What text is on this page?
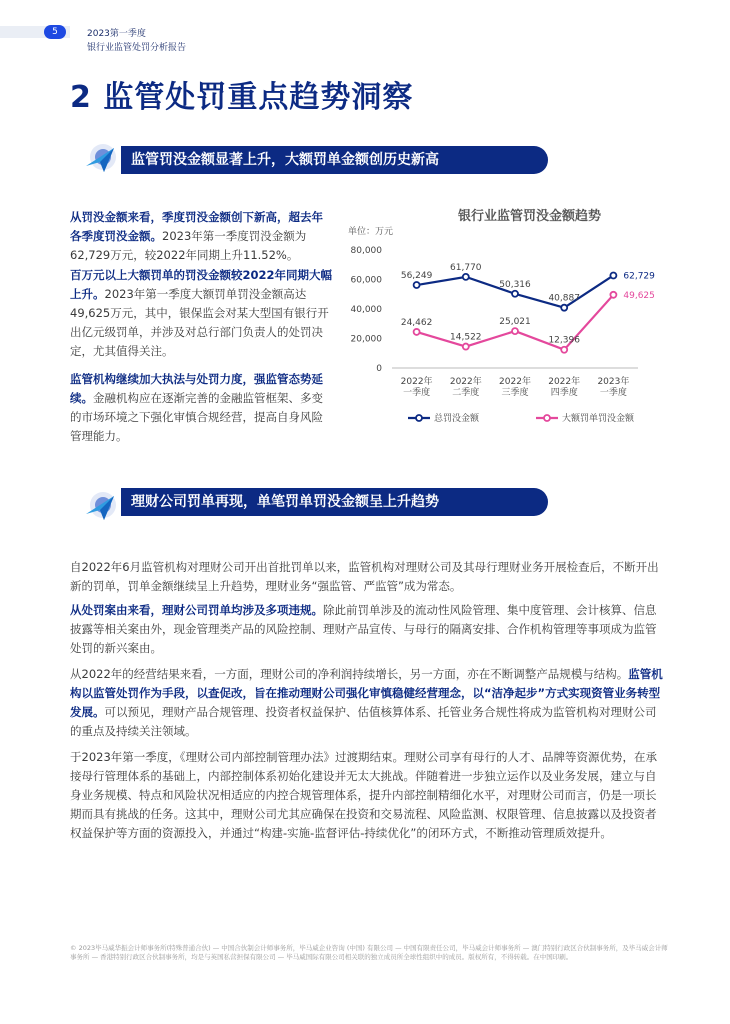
5	2023第一季度
银行业监管处罚分析报告
2 监管处罚重点趋势洞察
监管罚没金额显著上升，大额罚单金额创历史新高
从罚没金额来看，季度罚没金额创下新高，超去年各季度罚没金额。2023年第一季度罚没金额为62,729万元，较2022年同期上升11.52%。
百万元以上大额罚单的罚没金额较2022年同期大幅上升。2023年第一季度大额罚单罚没金额高达49,625万元，其中，银保监会对某大型国有银行开出亿元级罚单，并涉及对总行部门负责人的处罚决定，尤其值得关注。
监管机构继续加大执法与处罚力度，强监管态势延续。金融机构应在逐渐完善的金融监管框架、多变的市场环境之下强化审慎合规经营，提高自身风险管理能力。
银行业监管罚没金额趋势
单位：万元
80,000
60,000
40,000
20,000
0
2022年一季度
2022年二季度
2022年三季度
2022年四季度
2023年一季度
56,249
61,770
50,316
40,887
62,729
24,462
14,522
25,021
12,396
49,625
总罚没金额	大额罚单罚没金额
理财公司罚单再现，单笔罚单罚没金额呈上升趋势
自2022年6月监管机构对理财公司开出首批罚单以来，监管机构对理财公司及其母行理财业务开展检查后，不断开出新的罚单，罚单金额继续呈上升趋势，理财业务“强监管、严监管”成为常态。
从处罚案由来看，理财公司罚单均涉及多项违规。除此前罚单涉及的流动性风险管理、集中度管理、会计核算、信息披露等相关案由外，现金管理类产品的风险控制、理财产品宣传、与母行的隔离安排、合作机构管理等事项成为监管处罚的新兴案由。
从2022年的经营结果来看，一方面，理财公司的净利润持续增长，另一方面，亦在不断调整产品规模与结构。监管机构以监管处罚作为手段，以查促改，旨在推动理财公司强化审慎稳健经营理念，以“洁净起步”方式实现资管业务转型发展。可以预见，理财产品合规管理、投资者权益保护、估值核算体系、托管业务合规性将成为监管机构对理财公司的重点及持续关注领域。
于2023年第一季度，《理财公司内部控制管理办法》过渡期结束。理财公司享有母行的人才、品牌等资源优势，在承接母行管理体系的基础上，内部控制体系初始化建设并无太大挑战。伴随着进一步独立运作以及业务发展，建立与自身业务规模、特点和风险状况相适应的内控合规管理体系，提升内部控制精细化水平，对理财公司而言，仍是一项长期而具有挑战的任务。这其中，理财公司尤其应确保在投资和交易流程、风险监测、权限管理、信息披露以及投资者权益保护等方面的资源投入，并通过“构建-实施-监督评估-持续优化”的闭环方式，不断推动管理质效提升。
© 2023毕马威华振会计师事务所(特殊普通合伙) — 中国合伙制会计师事务所，毕马威企业咨询 (中国) 有限公司 — 中国有限责任公司，毕马威会计师事务所 — 澳门特别行政区合伙制事务所，及毕马威会计师事务所 — 香港特别行政区合伙制事务所，均是与英国私营担保有限公司 — 毕马威国际有限公司相关联的独立成员所全球性组织中的成员。版权所有，不得转载。在中国印刷。
